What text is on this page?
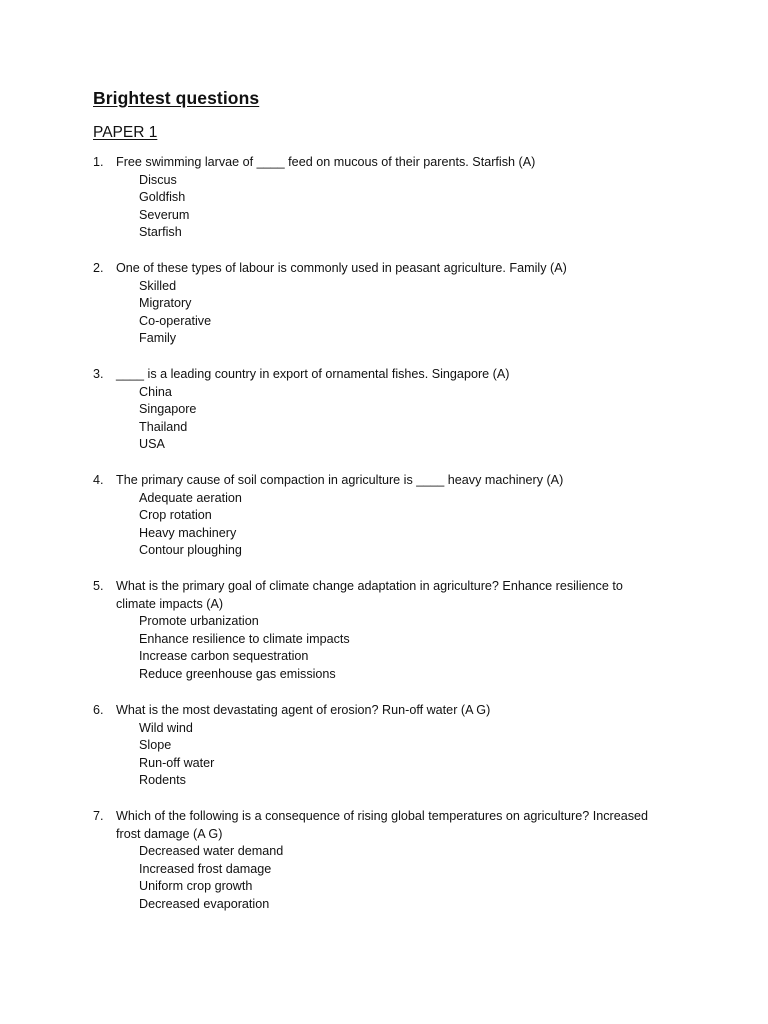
Brightest questions
PAPER 1
1. Free swimming larvae of ____ feed on mucous of their parents. Starfish (A)
Discus
Goldfish
Severum
Starfish
2. One of these types of labour is commonly used in peasant agriculture. Family (A)
Skilled
Migratory
Co-operative
Family
3. ____ is a leading country in export of ornamental fishes. Singapore (A)
China
Singapore
Thailand
USA
4. The primary cause of soil compaction in agriculture is ____ heavy machinery (A)
Adequate aeration
Crop rotation
Heavy machinery
Contour ploughing
5. What is the primary goal of climate change adaptation in agriculture? Enhance resilience to
climate impacts (A)
Promote urbanization
Enhance resilience to climate impacts
Increase carbon sequestration
Reduce greenhouse gas emissions
6. What is the most devastating agent of erosion? Run-off water (A G)
Wild wind
Slope
Run-off water
Rodents
7. Which of the following is a consequence of rising global temperatures on agriculture? Increased
frost damage (A G)
Decreased water demand
Increased frost damage
Uniform crop growth
Decreased evaporation
